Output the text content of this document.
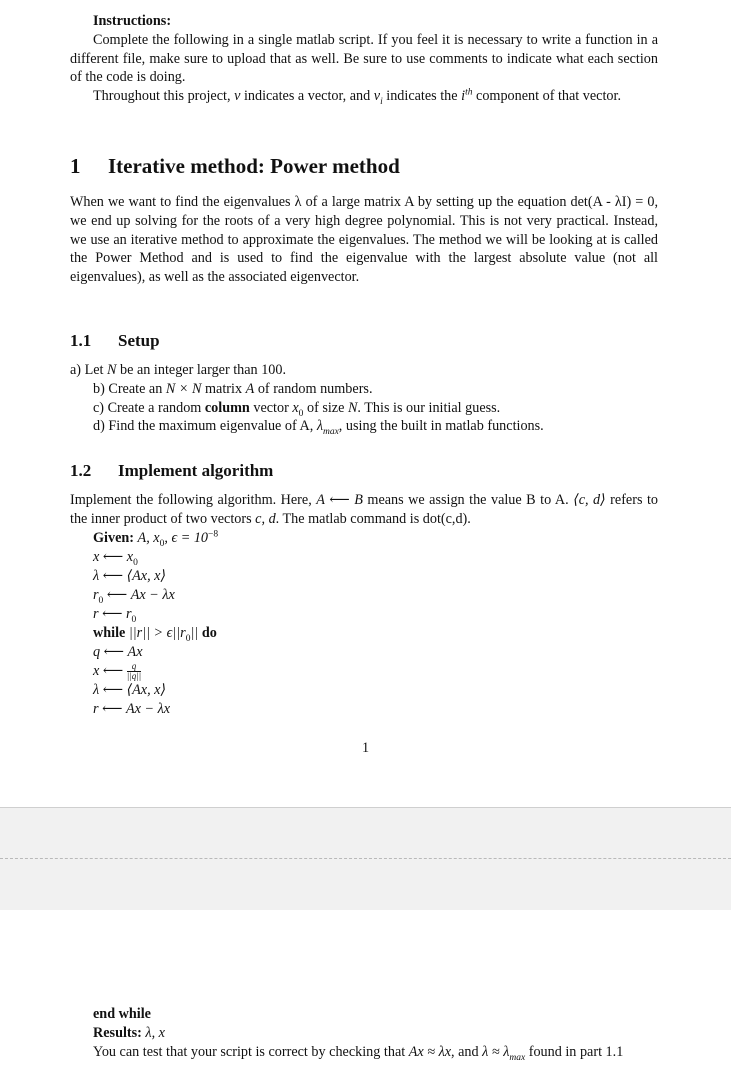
Instructions:

Complete the following in a single matlab script. If you feel it is necessary to write a function in a different file, make sure to upload that as well. Be sure to use comments to indicate what each section of the code is doing.

Throughout this project, v indicates a vector, and $v_i$ indicates the $i^{th}$ component of that vector.

1 Iterative method: Power method

When we want to find the eigenvalues λ of a large matrix A by setting up the equation det(A - λI) = 0, we end up solving for the roots of a very high degree polynomial. This is not very practical. Instead, we use an iterative method to approximate the eigenvalues. The method we will be looking at is called the Power Method and is used to find the eigenvalue with the largest absolute value (not all eigenvalues), as well as the associated eigenvector.

1.1 Setup

a) Let N be an integer larger than 100.

b) Create an N × N matrix A of random numbers.

c) Create a random column vector $x_0$ of size N. This is our initial guess.

d) Find the maximum eigenvalue of A, $\lambda_{max}$, using the built in matlab functions.

1.2 Implement algorithm

Implement the following algorithm. Here, A ⟵ B means we assign the value B to A. ⟨c, d⟩ refers to the inner product of two vectors c, d. The matlab command is dot(c,d).

Given: A, $x_0$, $\epsilon = 10^{-8}$
x ⟵ $x_0$
λ ⟵ ⟨Ax, x⟩
$r_0$ ⟵ Ax − λx
r ⟵ $r_0$
while $||r|| > \epsilon||r_0||$ do
q ⟵ Ax
x ⟵ $\frac{q}{||q||}$
λ ⟵ ⟨Ax, x⟩
r ⟵ Ax − λx
1
end while
Results: λ, x

You can test that your script is correct by checking that Ax ≈ λx, and $\lambda \approx \lambda_{max}$ found in part 1.1
